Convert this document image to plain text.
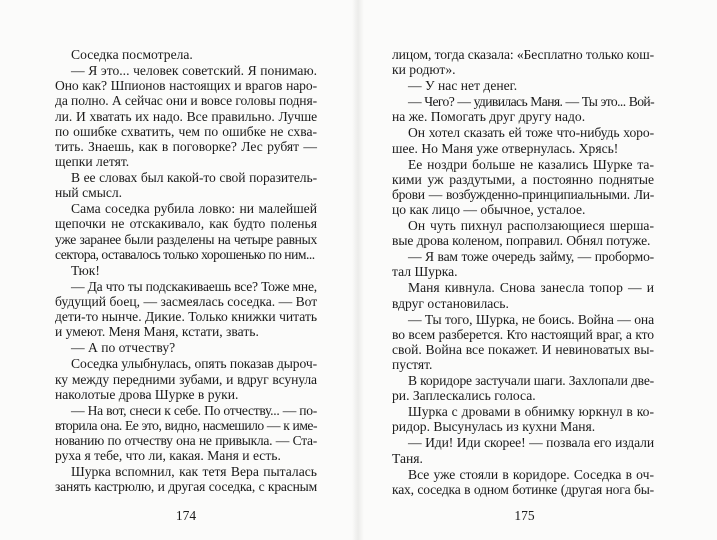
Соседка посмотрела.
— Я это... человек советский. Я понимаю.
Оно как? Шпионов настоящих и врагов наро-
да полно. А сейчас они и вовсе головы подня-
ли. И хватать их надо. Все правильно. Лучше
по ошибке схватить, чем по ошибке не схва-
тить. Знаешь, как в поговорке? Лес рубят —
щепки летят.
В ее словах был какой-то свой поразитель-
ный смысл.
Сама соседка рубила ловко: ни малейшей
щепочки не отскакивало, как будто поленья
уже заранее были разделены на четыре равных
сектора, оставалось только хорошенько по ним...
Тюк!
— Да что ты подскакиваешь все? Тоже мне,
будущий боец, — засмеялась соседка. — Вот
дети-то нынче. Дикие. Только книжки читать
и умеют. Меня Маня, кстати, звать.
— А по отчеству?
Соседка улыбнулась, опять показав дыроч-
ку между передними зубами, и вдруг всунула
наколотые дрова Шурке в руки.
— На вот, снеси к себе. По отчеству... — по-
вторила она. Ее это, видно, насмешило — к име-
нованию по отчеству она не привыкла. — Ста-
руха я тебе, что ли, какая. Маня и есть.
Шурка вспомнил, как тетя Вера пыталась
занять кастрюлю, и другая соседка, с красным
174
лицом, тогда сказала: «Бесплатно только кош-
ки родют».
— У нас нет денег.
— Чего? — удивилась Маня. — Ты это... Вой-
на же. Помогать друг другу надо.
Он хотел сказать ей тоже что-нибудь хоро-
шее. Но Маня уже отвернулась. Хрясь!
Ее ноздри больше не казались Шурке та-
кими уж раздутыми, а постоянно поднятые
брови — возбужденно-принципиальными. Ли-
цо как лицо — обычное, усталое.
Он чуть пихнул расползающиеся шерша-
вые дрова коленом, поправил. Обнял потуже.
— Я вам тоже очередь займу, — пробормо-
тал Шурка.
Маня кивнула. Снова занесла топор — и
вдруг остановилась.
— Ты того, Шурка, не боись. Война — она
во всем разберется. Кто настоящий враг, а кто
свой. Война все покажет. И невиноватых вы-
пустят.
В коридоре застучали шаги. Захлопали две-
ри. Заплескались голоса.
Шурка с дровами в обнимку юркнул в ко-
ридор. Высунулась из кухни Маня.
— Иди! Иди скорее! — позвала его издали
Таня.
Все уже стояли в коридоре. Соседка в оч-
ках, соседка в одном ботинке (другая нога бы-
175
